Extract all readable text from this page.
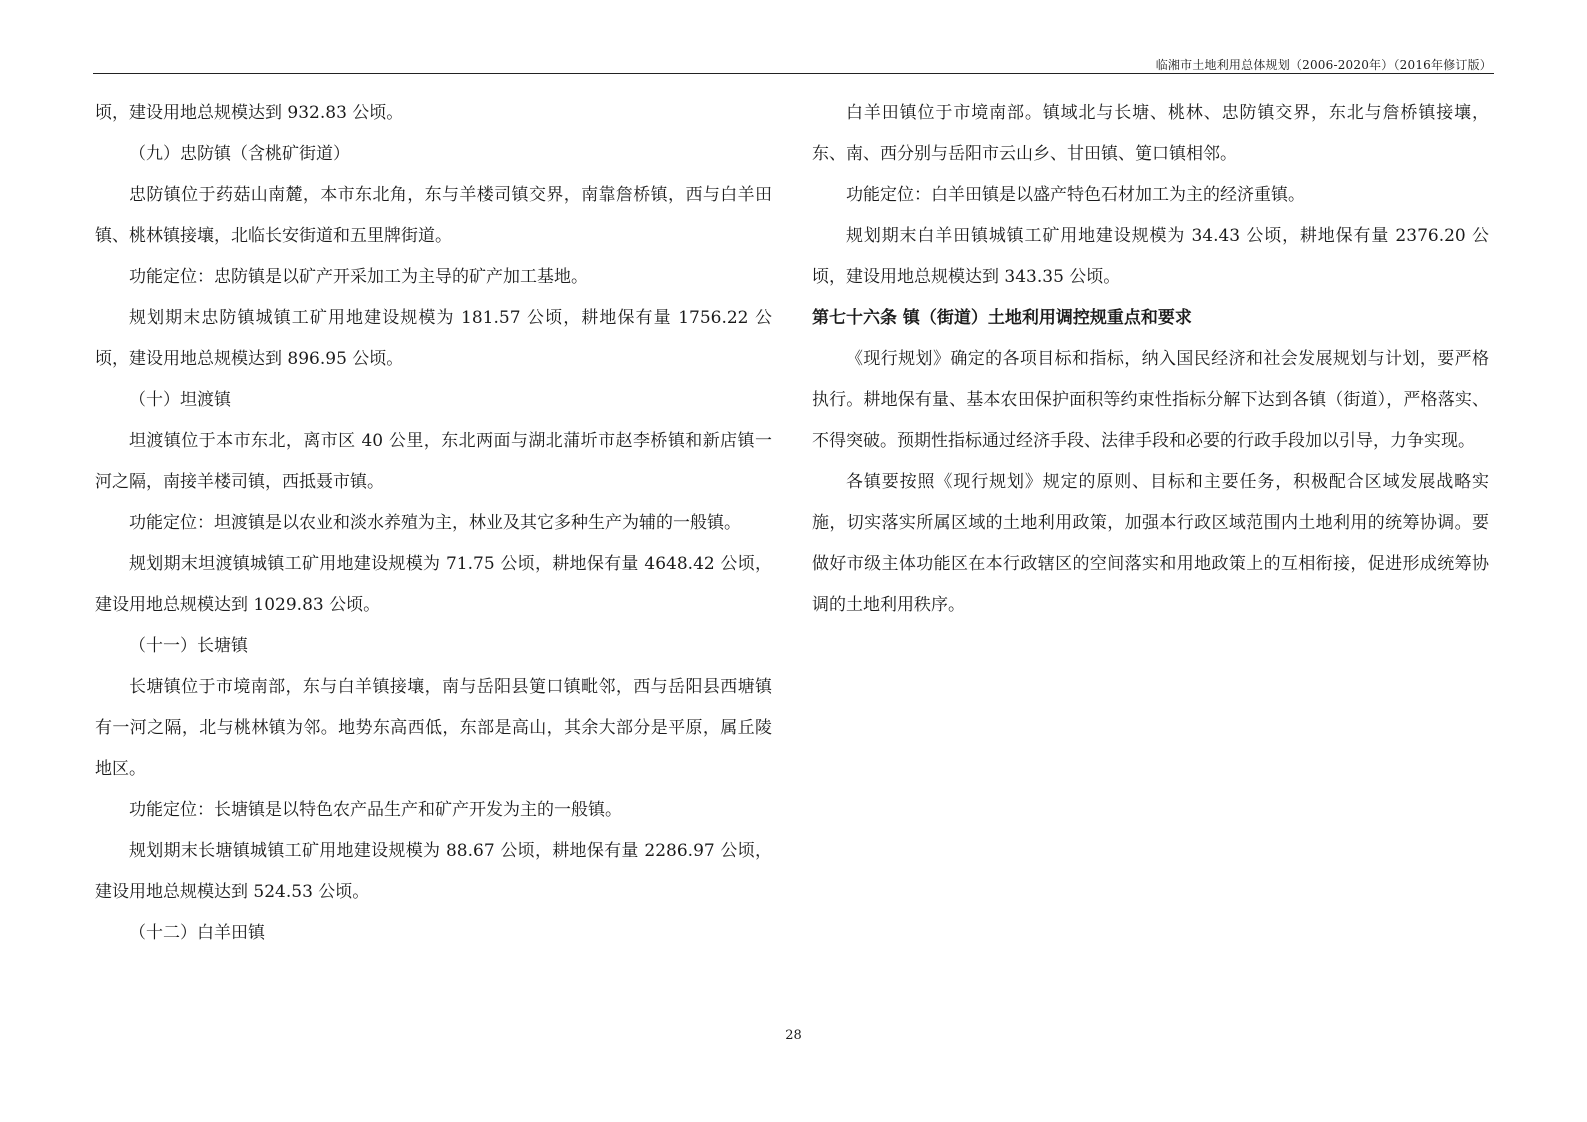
临湘市土地利用总体规划（2006-2020年）（2016年修订版）

顷，建设用地总规模达到 932.83 公顷。

（九）忠防镇（含桃矿街道）

忠防镇位于药菇山南麓，本市东北角，东与羊楼司镇交界，南靠詹桥镇，西与白羊田镇、桃林镇接壤，北临长安街道和五里牌街道。

功能定位：忠防镇是以矿产开采加工为主导的矿产加工基地。

规划期末忠防镇城镇工矿用地建设规模为 181.57 公顷，耕地保有量 1756.22 公顷，建设用地总规模达到 896.95 公顷。

（十）坦渡镇

坦渡镇位于本市东北，离市区 40 公里，东北两面与湖北蒲圻市赵李桥镇和新店镇一河之隔，南接羊楼司镇，西抵聂市镇。

功能定位：坦渡镇是以农业和淡水养殖为主，林业及其它多种生产为辅的一般镇。

规划期末坦渡镇城镇工矿用地建设规模为 71.75 公顷，耕地保有量 4648.42 公顷，建设用地总规模达到 1029.83 公顷。

（十一）长塘镇

长塘镇位于市境南部，东与白羊镇接壤，南与岳阳县筻口镇毗邻，西与岳阳县西塘镇有一河之隔，北与桃林镇为邻。地势东高西低，东部是高山，其余大部分是平原，属丘陵地区。

功能定位：长塘镇是以特色农产品生产和矿产开发为主的一般镇。

规划期末长塘镇城镇工矿用地建设规模为 88.67 公顷，耕地保有量 2286.97 公顷，建设用地总规模达到 524.53 公顷。

（十二）白羊田镇

白羊田镇位于市境南部。镇域北与长塘、桃林、忠防镇交界，东北与詹桥镇接壤，东、南、西分别与岳阳市云山乡、甘田镇、筻口镇相邻。

功能定位：白羊田镇是以盛产特色石材加工为主的经济重镇。

规划期末白羊田镇城镇工矿用地建设规模为 34.43 公顷，耕地保有量 2376.20 公顷，建设用地总规模达到 343.35 公顷。

第七十六条 镇（街道）土地利用调控规重点和要求

《现行规划》确定的各项目标和指标，纳入国民经济和社会发展规划与计划，要严格执行。耕地保有量、基本农田保护面积等约束性指标分解下达到各镇（街道），严格落实、不得突破。预期性指标通过经济手段、法律手段和必要的行政手段加以引导，力争实现。

各镇要按照《现行规划》规定的原则、目标和主要任务，积极配合区域发展战略实施，切实落实所属区域的土地利用政策，加强本行政区域范围内土地利用的统筹协调。要做好市级主体功能区在本行政辖区的空间落实和用地政策上的互相衔接，促进形成统筹协调的土地利用秩序。

28
